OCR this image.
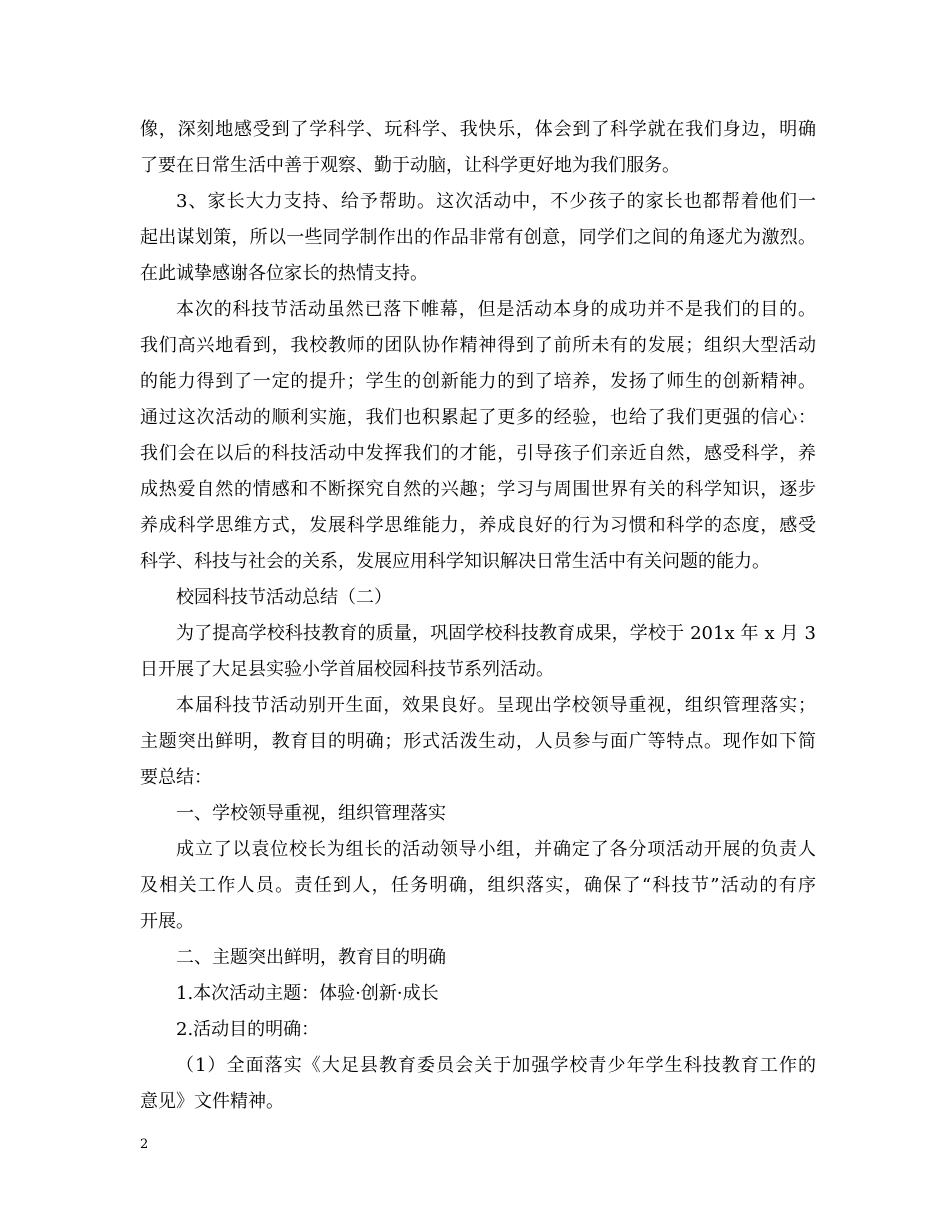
像，深刻地感受到了学科学、玩科学、我快乐，体会到了科学就在我们身边，明确
了要在日常生活中善于观察、勤于动脑，让科学更好地为我们服务。
3、家长大力支持、给予帮助。这次活动中，不少孩子的家长也都帮着他们一
起出谋划策，所以一些同学制作出的作品非常有创意，同学们之间的角逐尤为激烈。
在此诚挚感谢各位家长的热情支持。
本次的科技节活动虽然已落下帷幕，但是活动本身的成功并不是我们的目的。
我们高兴地看到，我校教师的团队协作精神得到了前所未有的发展；组织大型活动
的能力得到了一定的提升；学生的创新能力的到了培养，发扬了师生的创新精神。
通过这次活动的顺利实施，我们也积累起了更多的经验，也给了我们更强的信心：
我们会在以后的科技活动中发挥我们的才能，引导孩子们亲近自然，感受科学，养
成热爱自然的情感和不断探究自然的兴趣；学习与周围世界有关的科学知识，逐步
养成科学思维方式，发展科学思维能力，养成良好的行为习惯和科学的态度，感受
科学、科技与社会的关系，发展应用科学知识解决日常生活中有关问题的能力。
校园科技节活动总结（二）
为了提高学校科技教育的质量，巩固学校科技教育成果，学校于 201x 年 x 月 3
日开展了大足县实验小学首届校园科技节系列活动。
本届科技节活动别开生面，效果良好。呈现出学校领导重视，组织管理落实；
主题突出鲜明，教育目的明确；形式活泼生动，人员参与面广等特点。现作如下简
要总结：
一、学校领导重视，组织管理落实
成立了以袁位校长为组长的活动领导小组，并确定了各分项活动开展的负责人
及相关工作人员。责任到人，任务明确，组织落实，确保了“科技节”活动的有序
开展。
二、主题突出鲜明，教育目的明确
1.本次活动主题：体验·创新·成长
2.活动目的明确：
（1）全面落实《大足县教育委员会关于加强学校青少年学生科技教育工作的
意见》文件精神。
2
